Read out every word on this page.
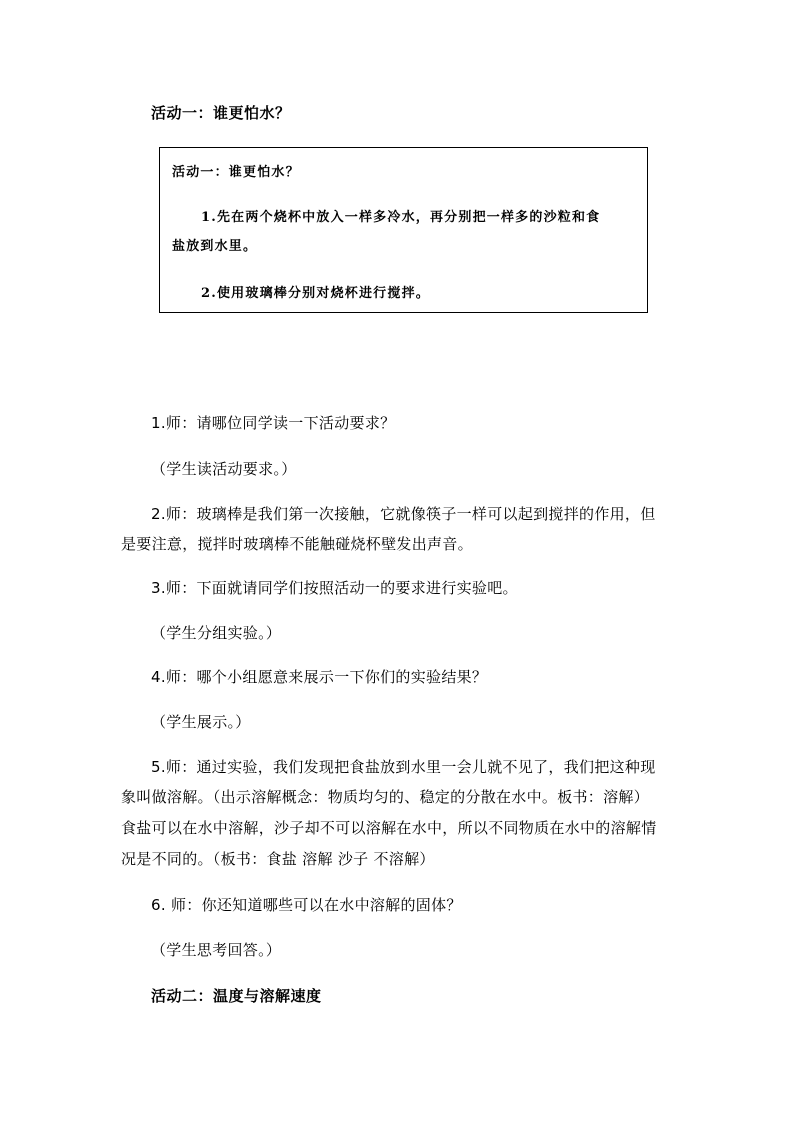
活动一：谁更怕水？
活动一：谁更怕水？
1.先在两个烧杯中放入一样多冷水，再分别把一样多的沙粒和食
盐放到水里。
2.使用玻璃棒分别对烧杯进行搅拌。
1.师：请哪位同学读一下活动要求？
（学生读活动要求。）
2.师：玻璃棒是我们第一次接触，它就像筷子一样可以起到搅拌的作用，但
是要注意，搅拌时玻璃棒不能触碰烧杯壁发出声音。
3.师：下面就请同学们按照活动一的要求进行实验吧。
（学生分组实验。）
4.师：哪个小组愿意来展示一下你们的实验结果？
（学生展示。）
5.师：通过实验，我们发现把食盐放到水里一会儿就不见了，我们把这种现
象叫做溶解。（出示溶解概念：物质均匀的、稳定的分散在水中。板书：溶解）
食盐可以在水中溶解，沙子却不可以溶解在水中，所以不同物质在水中的溶解情
况是不同的。（板书：食盐 溶解 沙子 不溶解）
6. 师：你还知道哪些可以在水中溶解的固体？
（学生思考回答。）
活动二：温度与溶解速度
